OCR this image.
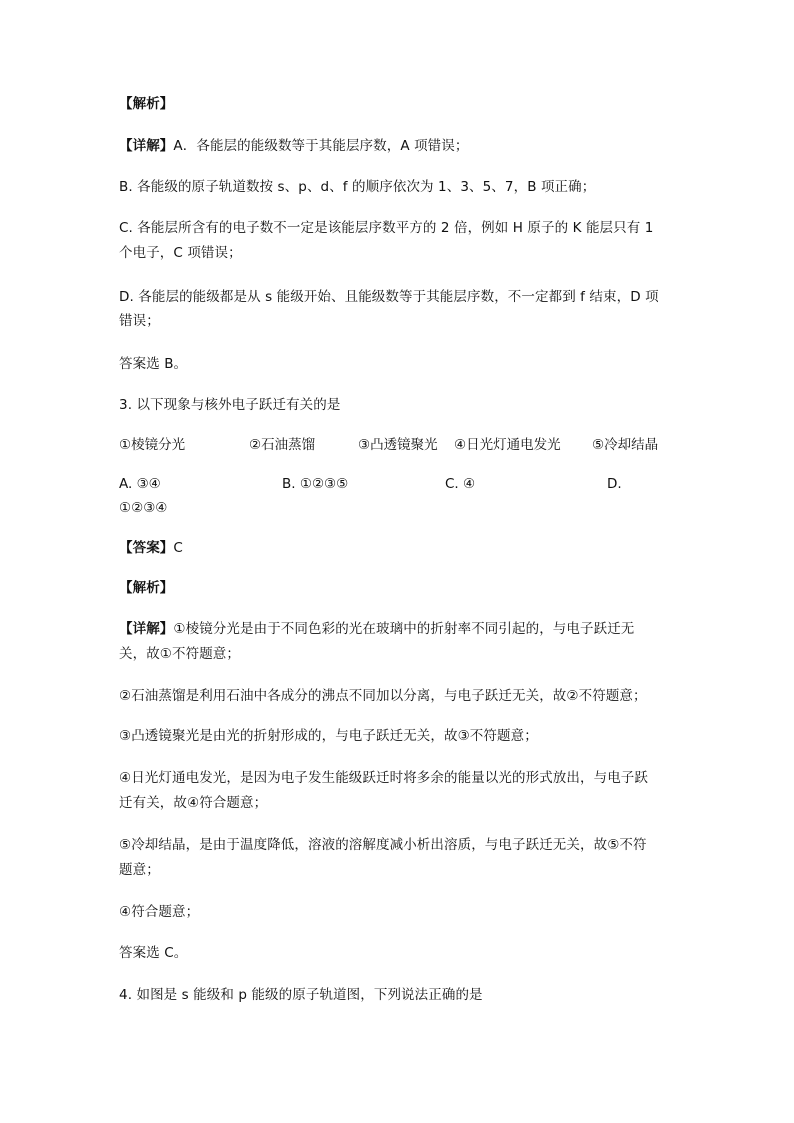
【解析】
【详解】A．各能层的能级数等于其能层序数，A 项错误；
B. 各能级的原子轨道数按 s、p、d、f 的顺序依次为 1、3、5、7，B 项正确；
C. 各能层所含有的电子数不一定是该能层序数平方的 2 倍，例如 H 原子的 K 能层只有 1
个电子，C 项错误；
D. 各能层的能级都是从 s 能级开始、且能级数等于其能层序数，不一定都到 f 结束，D 项
错误；
答案选 B。
3. 以下现象与核外电子跃迁有关的是
①棱镜分光	②石油蒸馏	③凸透镜聚光 ④日光灯通电发光 ⑤冷却结晶
A. ③④	B. ①②③⑤	C. ④	D.
①②③④
【答案】C
【解析】
【详解】①棱镜分光是由于不同色彩的光在玻璃中的折射率不同引起的，与电子跃迁无
关，故①不符题意；
②石油蒸馏是利用石油中各成分的沸点不同加以分离，与电子跃迁无关，故②不符题意；
③凸透镜聚光是由光的折射形成的，与电子跃迁无关，故③不符题意；
④日光灯通电发光，是因为电子发生能级跃迁时将多余的能量以光的形式放出，与电子跃
迁有关，故④符合题意；
⑤冷却结晶，是由于温度降低，溶液的溶解度减小析出溶质，与电子跃迁无关，故⑤不符
题意；
④符合题意；
答案选 C。
4. 如图是 s 能级和 p 能级的原子轨道图，下列说法正确的是
